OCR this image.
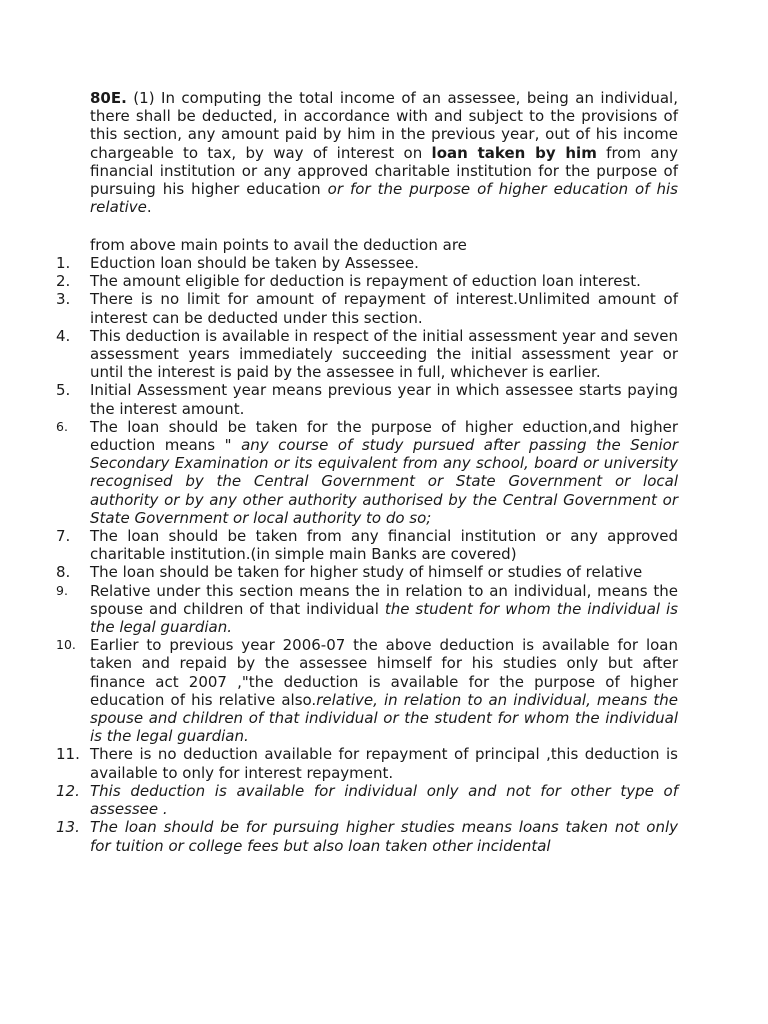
80E. (1) In computing the total income of an assessee, being an individual, there shall be deducted, in accordance with and subject to the provisions of this section, any amount paid by him in the previous year, out of his income chargeable to tax, by way of interest on loan taken by him from any financial institution or any approved charitable institution for the purpose of pursuing his higher education or for the purpose of higher education of his relative.

from above main points to avail the deduction are

1.	Eduction loan should be taken by Assessee.
2.	The amount eligible for deduction is repayment of eduction loan interest.
3.	There is no limit for amount of repayment of interest.Unlimited amount of interest can be deducted under this section.
4.	This deduction is available in respect of the initial assessment year and seven assessment years immediately succeeding the initial assessment year or until the interest is paid by the assessee in full, whichever is earlier.
5.	Initial Assessment year means previous year in which assessee starts paying the interest amount.
6.	The loan should be taken for the purpose of higher eduction,and higher eduction means " any course of study pursued after passing the Senior Secondary Examination or its equivalent from any school, board or university recognised by the Central Government or State Government or local authority or by any other authority authorised by the Central Government or State Government or local authority to do so;
7.	The loan should be taken from any financial institution or any approved charitable institution.(in simple main Banks are covered)
8.	The loan should be taken for higher study of himself or studies of relative
9.	Relative under this section means the in relation to an individual, means the spouse and children of that individual the student for whom the individual is the legal guardian.
10. Earlier to previous year 2006-07 the above deduction is available for loan taken and repaid by the assessee himself for his studies only but after finance act 2007 ,"the deduction is available for the purpose of higher education of his relative also.relative, in relation to an individual, means the spouse and children of that individual or the student for whom the individual is the legal guardian.
11. There is no deduction available for repayment of principal ,this deduction is available to only for interest repayment.
12. This deduction is available for individual only and not for other type of assessee .
13. The loan should be for pursuing higher studies means loans taken not only for tuition or college fees but also loan taken other incidental
